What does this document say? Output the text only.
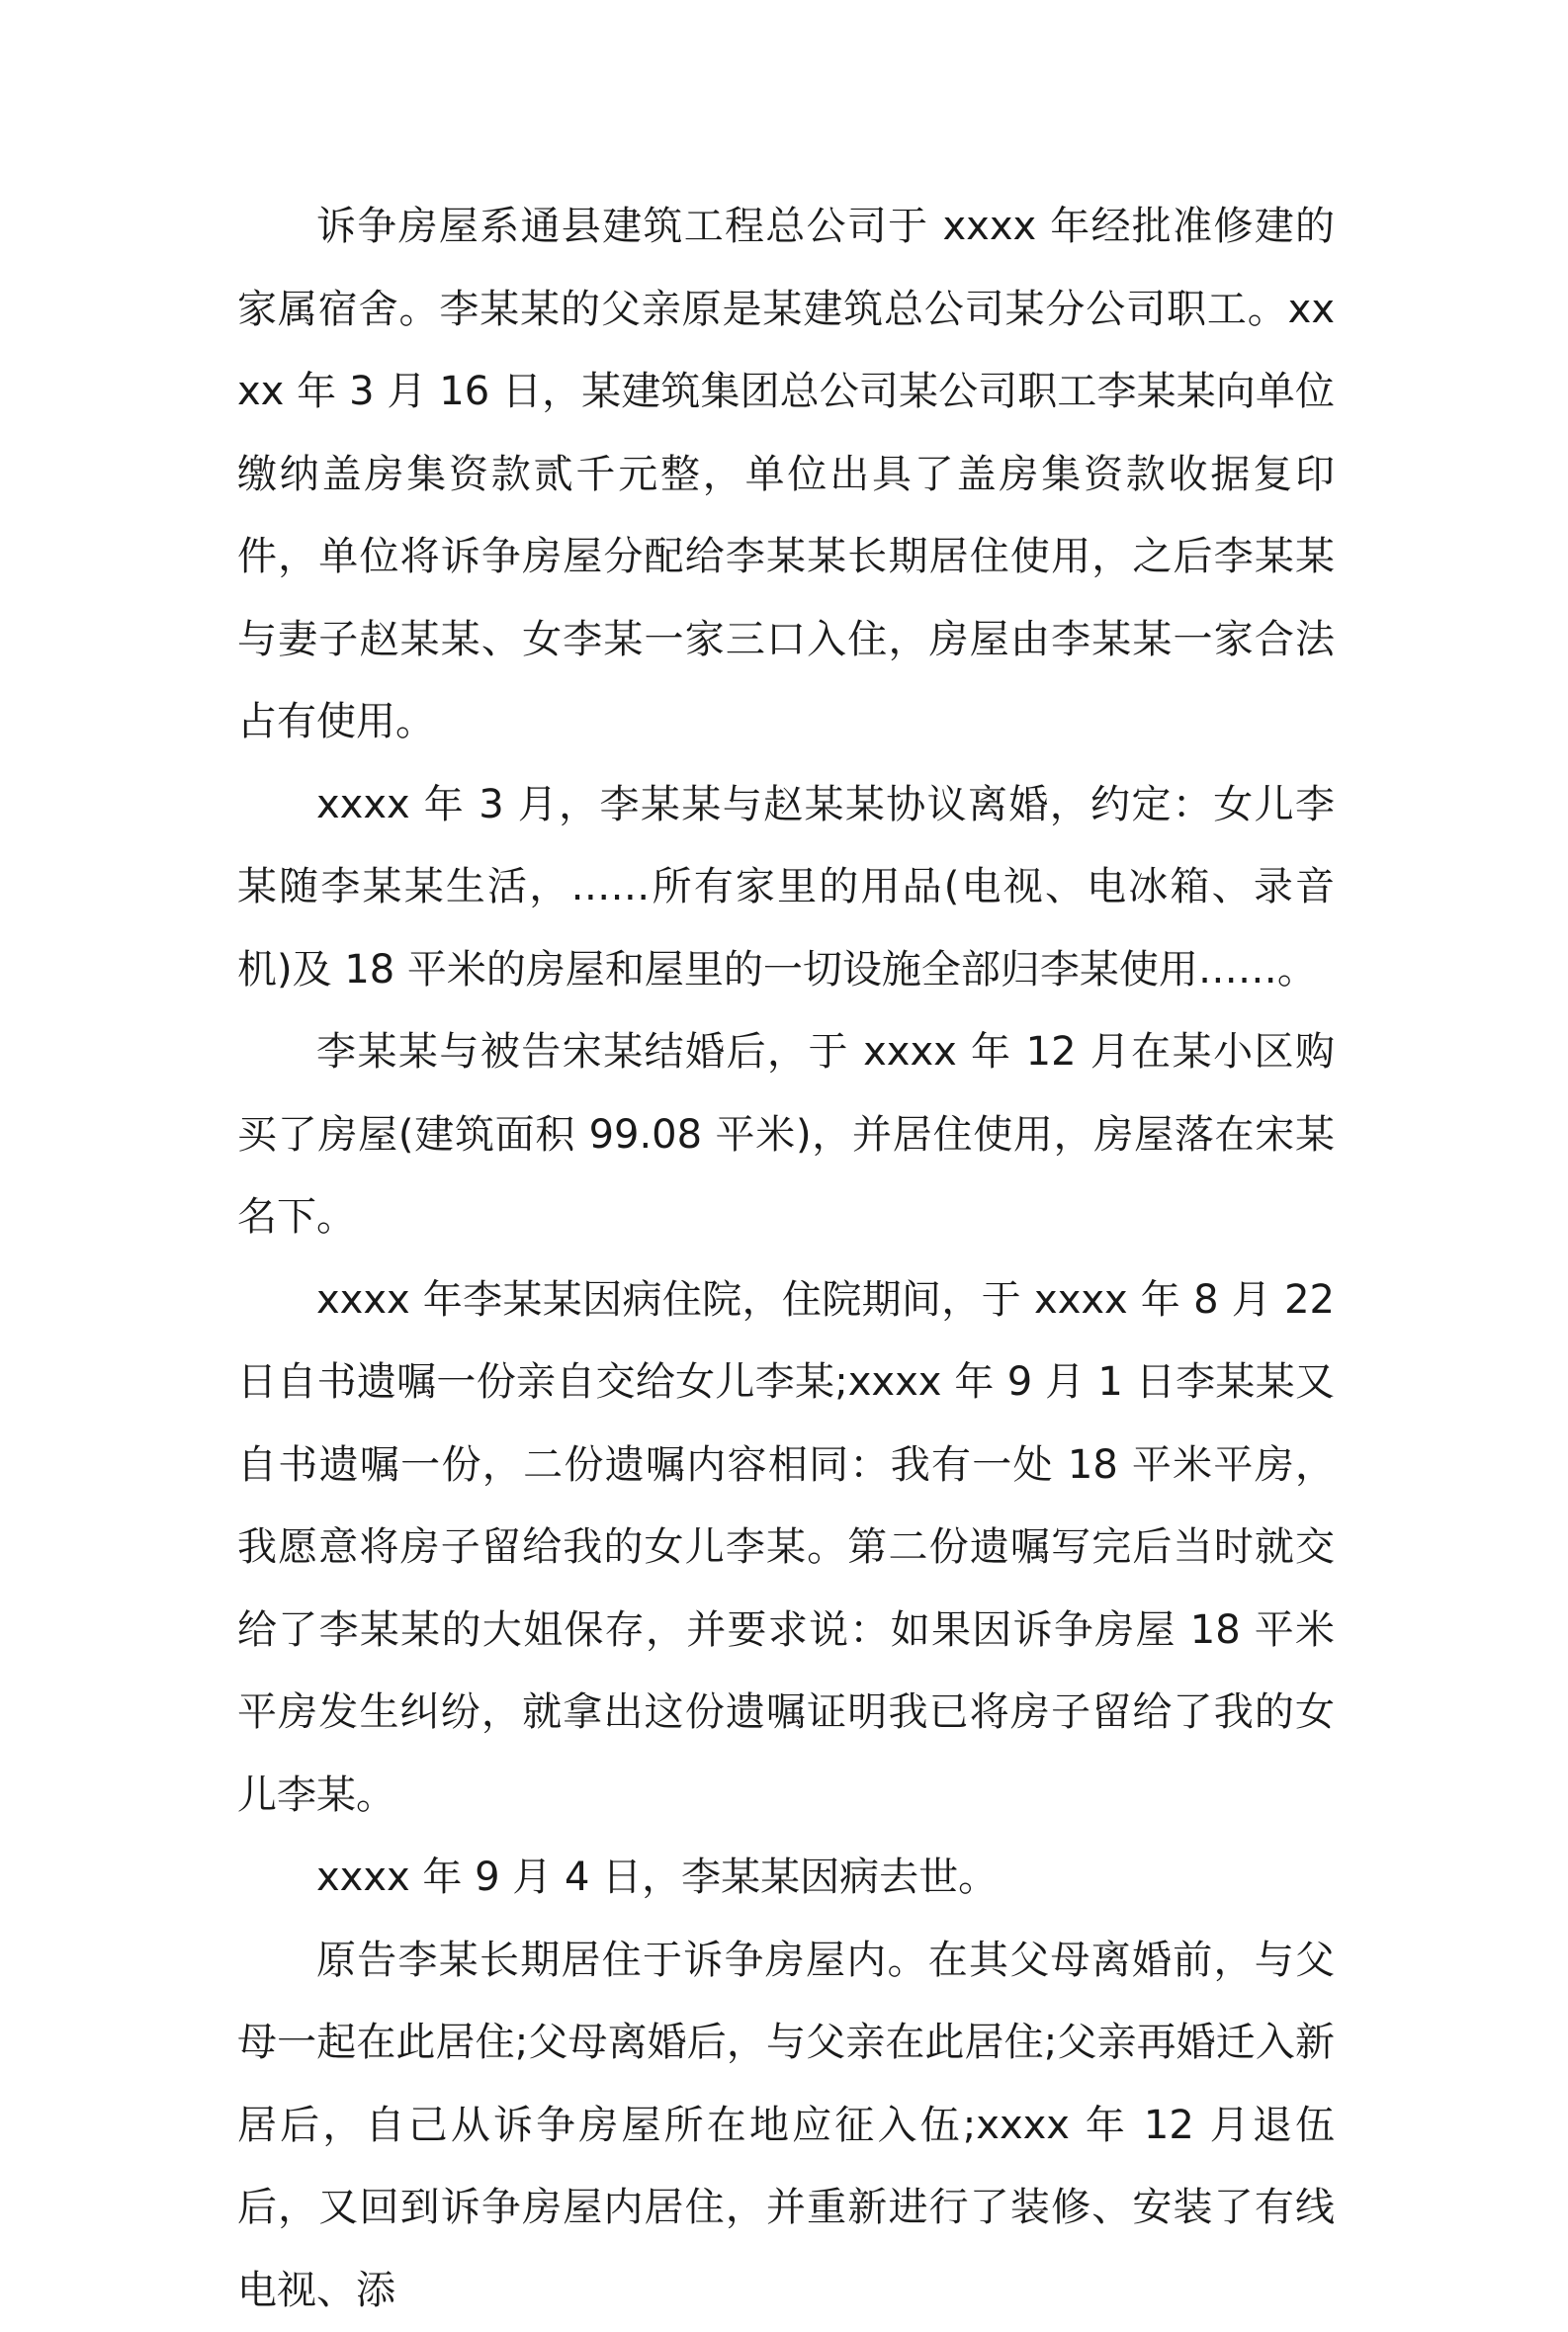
诉争房屋系通县建筑工程总公司于 xxxx 年经批准修建的家属宿舍。李某某的父亲原是某建筑总公司某分公司职工。xxxx 年 3 月 16 日，某建筑集团总公司某公司职工李某某向单位缴纳盖房集资款贰千元整，单位出具了盖房集资款收据复印件，单位将诉争房屋分配给李某某长期居住使用，之后李某某与妻子赵某某、女李某一家三口入住，房屋由李某某一家合法占有使用。

xxxx 年 3 月，李某某与赵某某协议离婚，约定：女儿李某随李某某生活，……所有家里的用品(电视、电冰箱、录音机)及 18 平米的房屋和屋里的一切设施全部归李某使用……。

李某某与被告宋某结婚后，于 xxxx 年 12 月在某小区购买了房屋(建筑面积 99.08 平米)，并居住使用，房屋落在宋某名下。

xxxx 年李某某因病住院，住院期间，于 xxxx 年 8 月 22 日自书遗嘱一份亲自交给女儿李某;xxxx 年 9 月 1 日李某某又自书遗嘱一份，二份遗嘱内容相同：我有一处 18 平米平房，我愿意将房子留给我的女儿李某。第二份遗嘱写完后当时就交给了李某某的大姐保存，并要求说：如果因诉争房屋 18 平米平房发生纠纷，就拿出这份遗嘱证明我已将房子留给了我的女儿李某。

xxxx 年 9 月 4 日，李某某因病去世。

原告李某长期居住于诉争房屋内。在其父母离婚前，与父母一起在此居住;父母离婚后，与父亲在此居住;父亲再婚迁入新居后，自己从诉争房屋所在地应征入伍;xxxx 年 12 月退伍后，又回到诉争房屋内居住，并重新进行了装修、安装了有线电视、添
